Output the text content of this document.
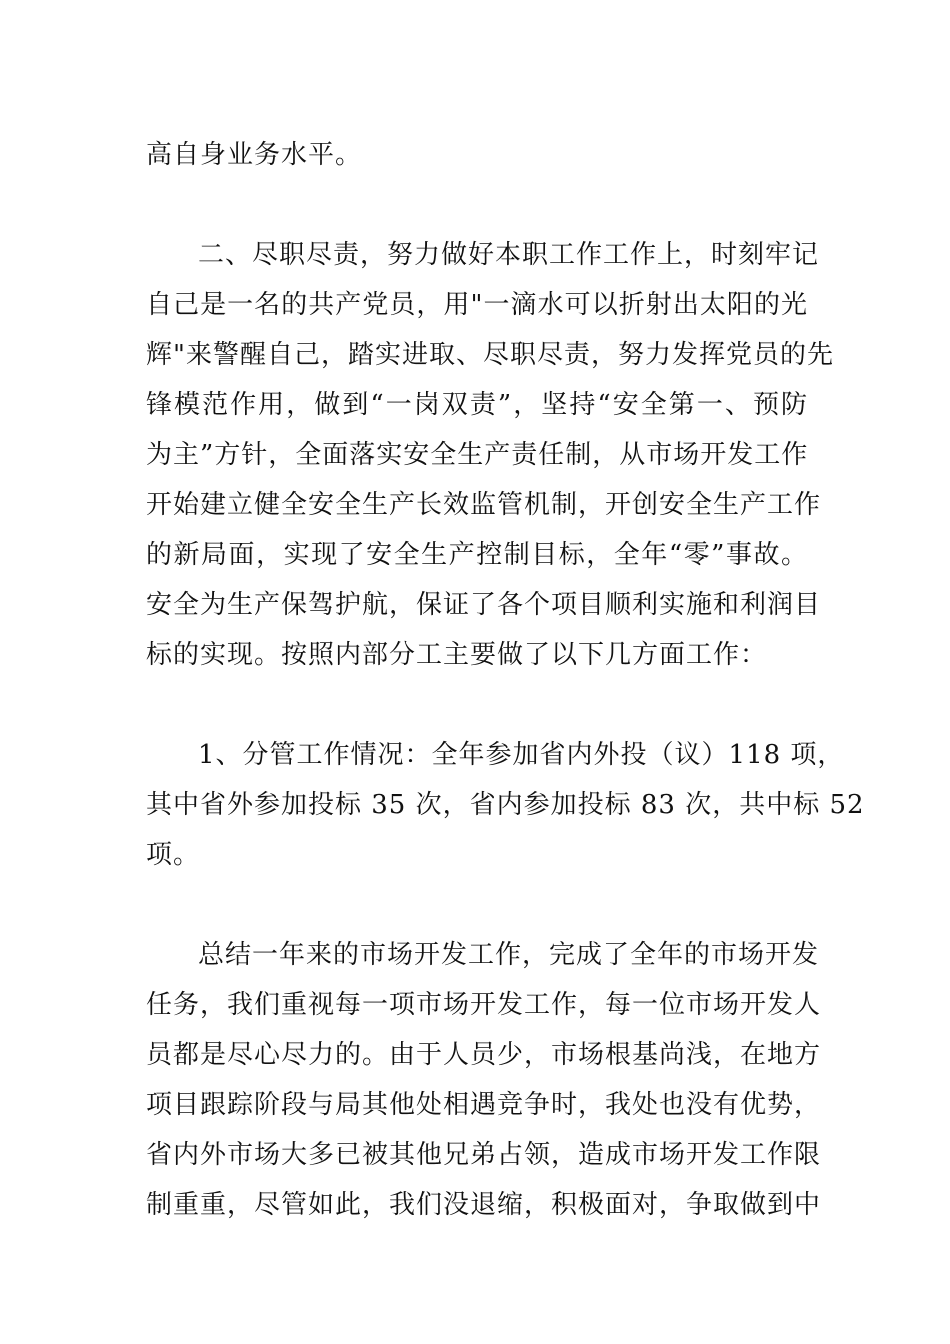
高自身业务水平。
二、尽职尽责，努力做好本职工作工作上，时刻牢记
自己是一名的共产党员，用"一滴水可以折射出太阳的光
辉"来警醒自己，踏实进取、尽职尽责，努力发挥党员的先
锋模范作用，做到“一岗双责”，坚持“安全第一、预防
为主”方针，全面落实安全生产责任制，从市场开发工作
开始建立健全安全生产长效监管机制，开创安全生产工作
的新局面，实现了安全生产控制目标，全年“零”事故。
安全为生产保驾护航，保证了各个项目顺利实施和利润目
标的实现。按照内部分工主要做了以下几方面工作：
1、分管工作情况：全年参加省内外投（议）118 项，
其中省外参加投标 35 次，省内参加投标 83 次，共中标 52
项。
总结一年来的市场开发工作，完成了全年的市场开发
任务，我们重视每一项市场开发工作，每一位市场开发人
员都是尽心尽力的。由于人员少，市场根基尚浅，在地方
项目跟踪阶段与局其他处相遇竞争时，我处也没有优势，
省内外市场大多已被其他兄弟占领，造成市场开发工作限
制重重，尽管如此，我们没退缩，积极面对，争取做到中
